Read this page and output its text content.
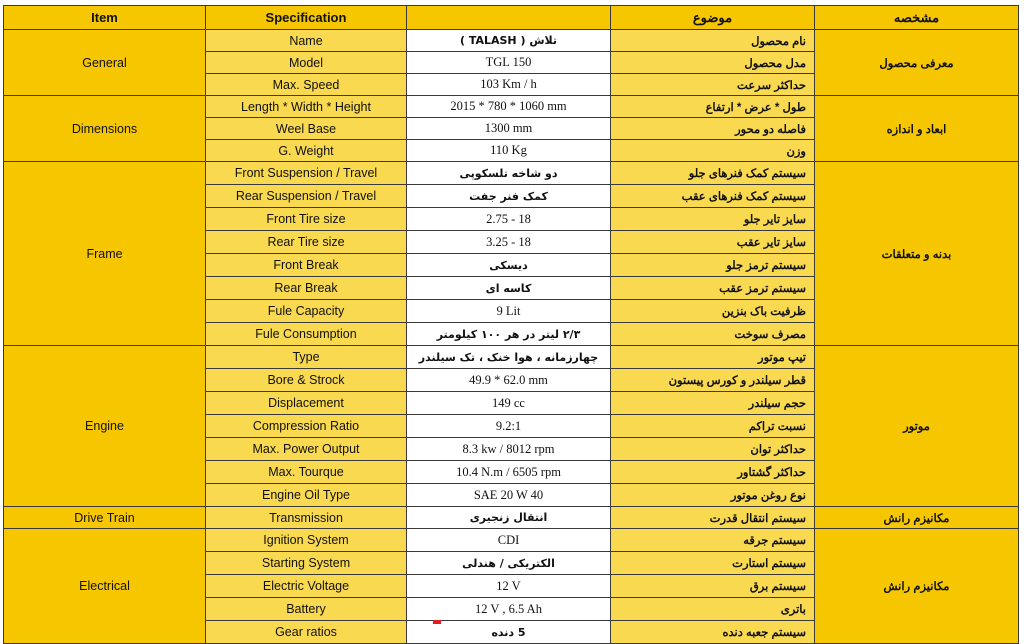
Item	Specification		موضوع	مشخصه
General	Name	تلاش ( TALASH )	نام محصول	معرفی محصول
	Model	TGL 150	مدل محصول	
	Max. Speed	103 Km / h	حداکثر سرعت	
Dimensions	Length * Width * Height	2015 * 780 * 1060 mm	طول * عرض * ارتفاع	ابعاد و اندازه
	Weel Base	1300 mm	فاصله دو محور	
	G. Weight	110 Kg	وزن	
Frame	Front Suspension / Travel	دو شاخه تلسکوپی	سیستم کمک فنرهای جلو	بدنه و متعلقات
	Rear Suspension / Travel	کمک فنر جفت	سیستم کمک فنرهای عقب	
	Front Tire size	2.75 - 18	سایز تایر جلو	
	Rear Tire size	3.25 - 18	سایز تایر عقب	
	Front Break	دیسکی	سیستم ترمز جلو	
	Rear Break	کاسه ای	سیستم ترمز عقب	
	Fule Capacity	9 Lit	ظرفیت باک بنزین	
	Fule Consumption	۲/۳ لیتر در هر ۱۰۰ کیلومتر	مصرف سوخت	
Engine	Type	چهارزمانه ، هوا خنک ، تک سیلندر	تیپ موتور	موتور
	Bore & Strock	49.9 * 62.0 mm	قطر سیلندر و کورس پیستون	
	Displacement	149 cc	حجم سیلندر	
	Compression Ratio	9.2:1	نسبت تراکم	
	Max. Power Output	8.3 kw / 8012 rpm	حداکثر توان	
	Max. Tourque	10.4 N.m / 6505 rpm	حداکثر گشتاور	
	Engine Oil Type	SAE 20 W 40	نوع روغن موتور	
Drive Train	Transmission	انتقال زنجیری	سیستم انتقال قدرت	مکانیزم رانش
Electrical	Ignition System	CDI	سیستم جرقه	مکانیزم رانش
	Starting System	الکتریکی / هندلی	سیستم استارت	
	Electric Voltage	12 V	سیستم برق	
	Battery	12 V , 6.5 Ah	باتری	
	Gear ratios	5 دنده	سیستم جعبه دنده	
